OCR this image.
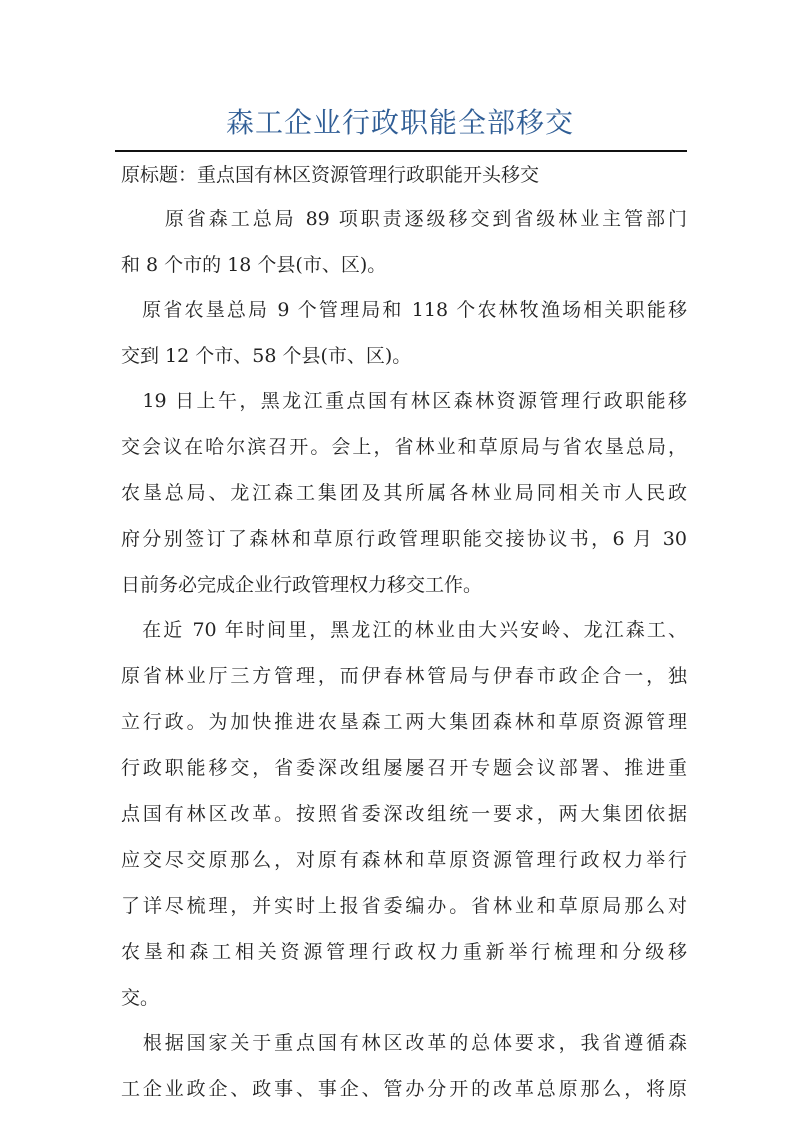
森工企业行政职能全部移交
原标题：重点国有林区资源管理行政职能开头移交
　　原省森工总局 89 项职责逐级移交到省级林业主管部门
和 8 个市的 18 个县(市、区)。
　原省农垦总局 9 个管理局和 118 个农林牧渔场相关职能移
交到 12 个市、58 个县(市、区)。
　19 日上午，黑龙江重点国有林区森林资源管理行政职能移
交会议在哈尔滨召开。会上，省林业和草原局与省农垦总局，
农垦总局、龙江森工集团及其所属各林业局同相关市人民政
府分别签订了森林和草原行政管理职能交接协议书，6 月 30
日前务必完成企业行政管理权力移交工作。
　在近 70 年时间里，黑龙江的林业由大兴安岭、龙江森工、
原省林业厅三方管理，而伊春林管局与伊春市政企合一，独
立行政。为加快推进农垦森工两大集团森林和草原资源管理
行政职能移交，省委深改组屡屡召开专题会议部署、推进重
点国有林区改革。按照省委深改组统一要求，两大集团依据
应交尽交原那么，对原有森林和草原资源管理行政权力举行
了详尽梳理，并实时上报省委编办。省林业和草原局那么对
农垦和森工相关资源管理行政权力重新举行梳理和分级移
交。
　根据国家关于重点国有林区改革的总体要求，我省遵循森
工企业政企、政事、事企、管办分开的改革总原那么，将原
